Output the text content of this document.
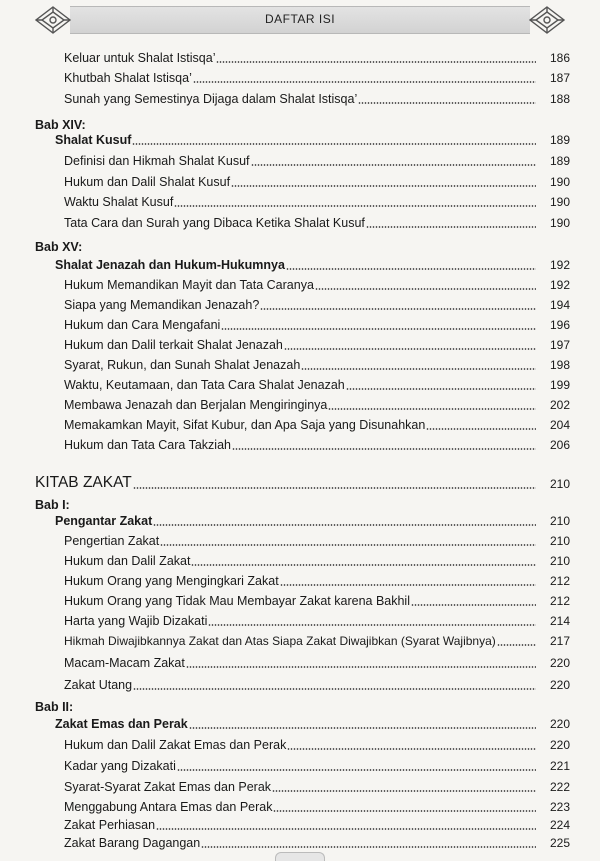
DAFTAR ISI
Keluar untuk Shalat Istisqa’	186
Khutbah Shalat Istisqa’	187
Sunah yang Semestinya Dijaga dalam Shalat Istisqa’	188
Bab XIV:
Shalat Kusuf	189
Definisi dan Hikmah Shalat Kusuf	189
Hukum dan Dalil Shalat Kusuf	190
Waktu Shalat Kusuf	190
Tata Cara dan Surah yang Dibaca Ketika Shalat Kusuf	190
Bab XV:
Shalat Jenazah dan Hukum-Hukumnya	192
Hukum Memandikan Mayit dan Tata Caranya	192
Siapa yang Memandikan Jenazah?	194
Hukum dan Cara Mengafani	196
Hukum dan Dalil terkait Shalat Jenazah	197
Syarat, Rukun, dan Sunah Shalat Jenazah	198
Waktu, Keutamaan, dan Tata Cara Shalat Jenazah	199
Membawa Jenazah dan Berjalan Mengiringinya	202
Memakamkan Mayit, Sifat Kubur, dan Apa Saja yang Disunahkan	204
Hukum dan Tata Cara Takziah	206
KITAB ZAKAT	210
Bab I:
Pengantar Zakat	210
Pengertian Zakat	210
Hukum dan Dalil Zakat	210
Hukum Orang yang Mengingkari Zakat	212
Hukum Orang yang Tidak Mau Membayar Zakat karena Bakhil	212
Harta yang Wajib Dizakati	214
Hikmah Diwajibkannya Zakat dan Atas Siapa Zakat Diwajibkan (Syarat Wajibnya)	217
Macam-Macam Zakat	220
Zakat Utang	220
Bab II:
Zakat Emas dan Perak	220
Hukum dan Dalil Zakat Emas dan Perak	220
Kadar yang Dizakati	221
Syarat-Syarat Zakat Emas dan Perak	222
Menggabung Antara Emas dan Perak	223
Zakat Perhiasan	224
Zakat Barang Dagangan	225
